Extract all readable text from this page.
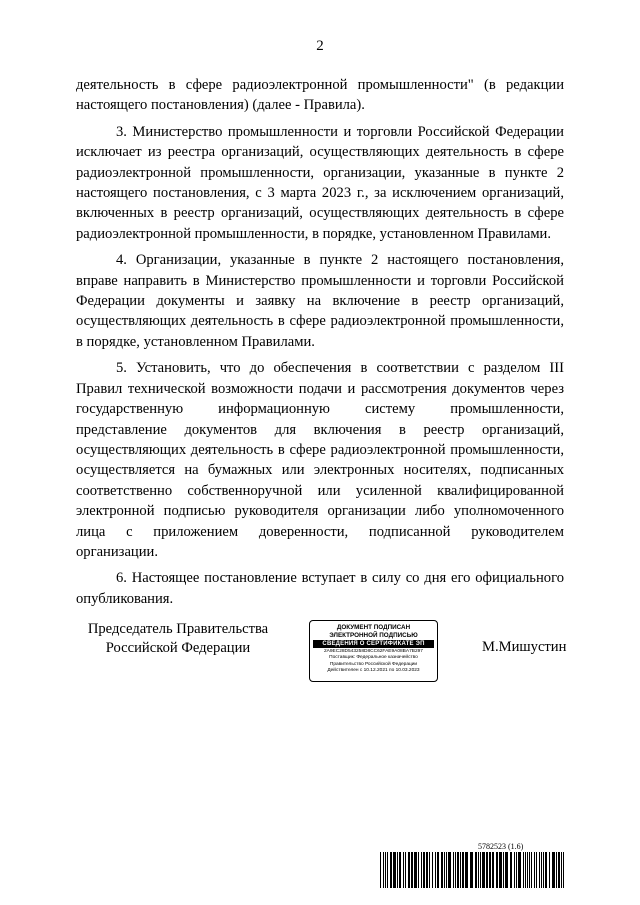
2

деятельность в сфере радиоэлектронной промышленности" (в редакции настоящего постановления) (далее - Правила).

3. Министерство промышленности и торговли Российской Федерации исключает из реестра организаций, осуществляющих деятельность в сфере радиоэлектронной промышленности, организации, указанные в пункте 2 настоящего постановления, с 3 марта 2023 г., за исключением организаций, включенных в реестр организаций, осуществляющих деятельность в сфере радиоэлектронной промышленности, в порядке, установленном Правилами.

4. Организации, указанные в пункте 2 настоящего постановления, вправе направить в Министерство промышленности и торговли Российской Федерации документы и заявку на включение в реестр организаций, осуществляющих деятельность в сфере радиоэлектронной промышленности, в порядке, установленном Правилами.

5. Установить, что до обеспечения в соответствии с разделом III Правил технической возможности подачи и рассмотрения документов через государственную информационную систему промышленности, представление документов для включения в реестр организаций, осуществляющих деятельность в сфере радиоэлектронной промышленности, осуществляется на бумажных или электронных носителях, подписанных соответственно собственноручной или усиленной квалифицированной электронной подписью руководителя организации либо уполномоченного лица с приложением доверенности, подписанной руководителем организации.

6. Настоящее постановление вступает в силу со дня его официального опубликования.

Председатель Правительства
Российской Федерации
ДОКУМЕНТ ПОДПИСАН
ЭЛЕКТРОННОЙ ПОДПИСЬЮ
СВЕДЕНИЯ О СЕРТИФИКАТЕ ЭП
2A9EC28D543258D8CC62FAE9A08BA7B297
Поставщик: Федеральное казначейство
Правительство Российской Федерации
Действителен с 10.12.2021 по 10.03.2023
М.Мишустин
5782523 (1.6)
